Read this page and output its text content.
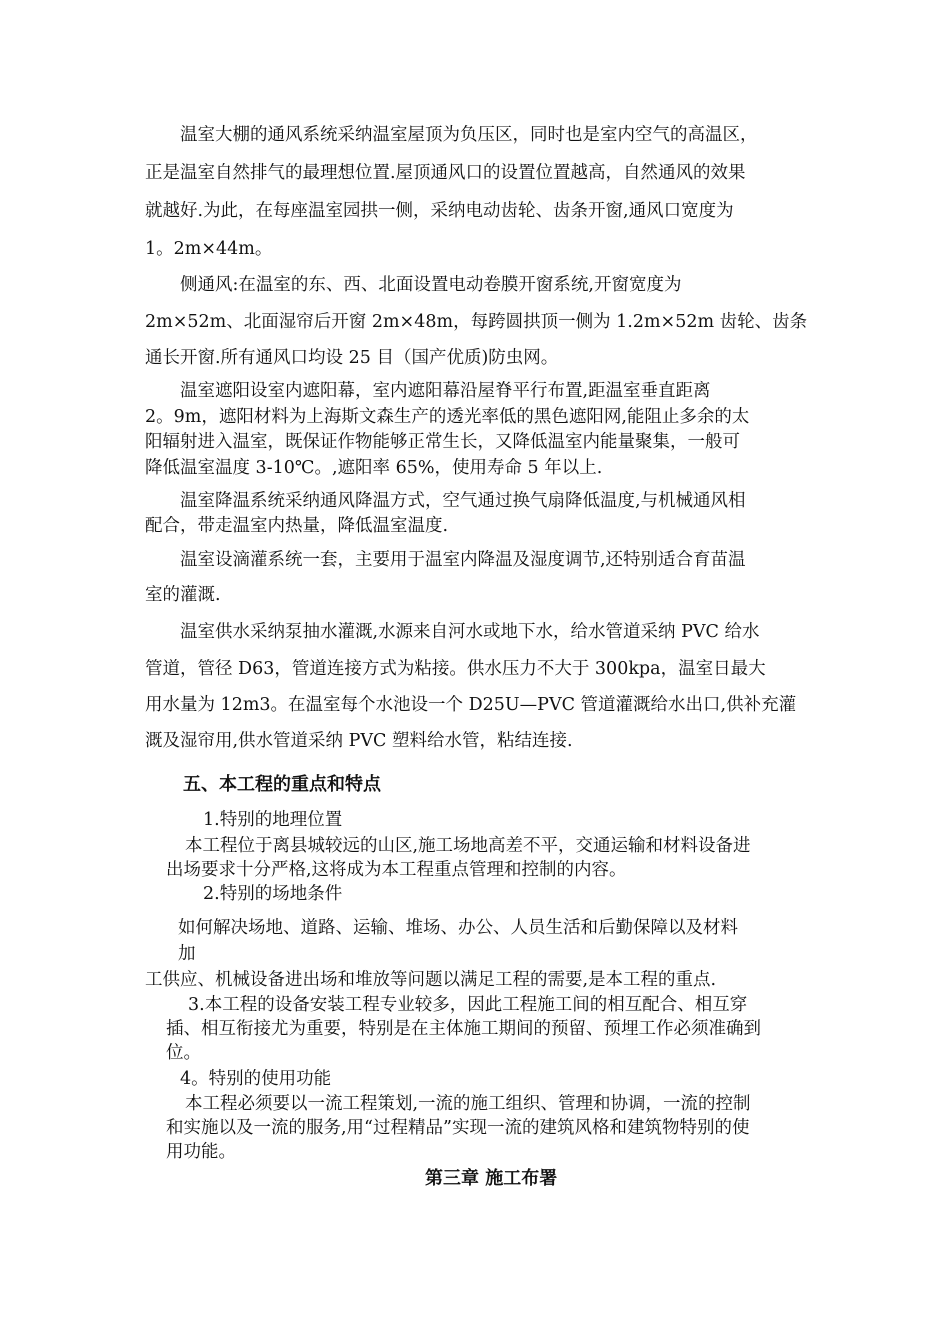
温室大棚的通风系统采纳温室屋顶为负压区，同时也是室内空气的高温区，
正是温室自然排气的最理想位置.屋顶通风口的设置位置越高，自然通风的效果
就越好.为此，在每座温室园拱一侧，采纳电动齿轮、齿条开窗,通风口宽度为
1。2m×44m。
侧通风:在温室的东、西、北面设置电动卷膜开窗系统,开窗宽度为
2m×52m、北面湿帘后开窗 2m×48m，每跨圆拱顶一侧为 1.2m×52m 齿轮、齿条
通长开窗.所有通风口均设 25 目（国产优质)防虫网。
温室遮阳设室内遮阳幕，室内遮阳幕沿屋脊平行布置,距温室垂直距离
2。9m，遮阳材料为上海斯文森生产的透光率低的黑色遮阳网,能阻止多余的太
阳辐射进入温室，既保证作物能够正常生长，又降低温室内能量聚集，一般可
降低温室温度 3-10℃。,遮阳率 65%，使用寿命 5 年以上.
温室降温系统采纳通风降温方式，空气通过换气扇降低温度,与机械通风相
配合，带走温室内热量，降低温室温度.
温室设滴灌系统一套，主要用于温室内降温及湿度调节,还特别适合育苗温
室的灌溉.
温室供水采纳泵抽水灌溉,水源来自河水或地下水，给水管道采纳 PVC 给水
管道，管径 D63，管道连接方式为粘接。供水压力不大于 300kpa，温室日最大
用水量为 12m3。在温室每个水池设一个 D25U—PVC 管道灌溉给水出口,供补充灌
溉及湿帘用,供水管道采纳 PVC 塑料给水管，粘结连接.
五、本工程的重点和特点
1.特别的地理位置
本工程位于离县城较远的山区,施工场地高差不平，交通运输和材料设备进
出场要求十分严格,这将成为本工程重点管理和控制的内容。
2.特别的场地条件
如何解决场地、道路、运输、堆场、办公、人员生活和后勤保障以及材料
加
工供应、机械设备进出场和堆放等问题以满足工程的需要,是本工程的重点.
3.本工程的设备安装工程专业较多，因此工程施工间的相互配合、相互穿
插、相互衔接尤为重要，特别是在主体施工期间的预留、预埋工作必须准确到
位。
4。特别的使用功能
本工程必须要以一流工程策划,一流的施工组织、管理和协调，一流的控制
和实施以及一流的服务,用“过程精品”实现一流的建筑风格和建筑物特别的使
用功能。
第三章 施工布署
